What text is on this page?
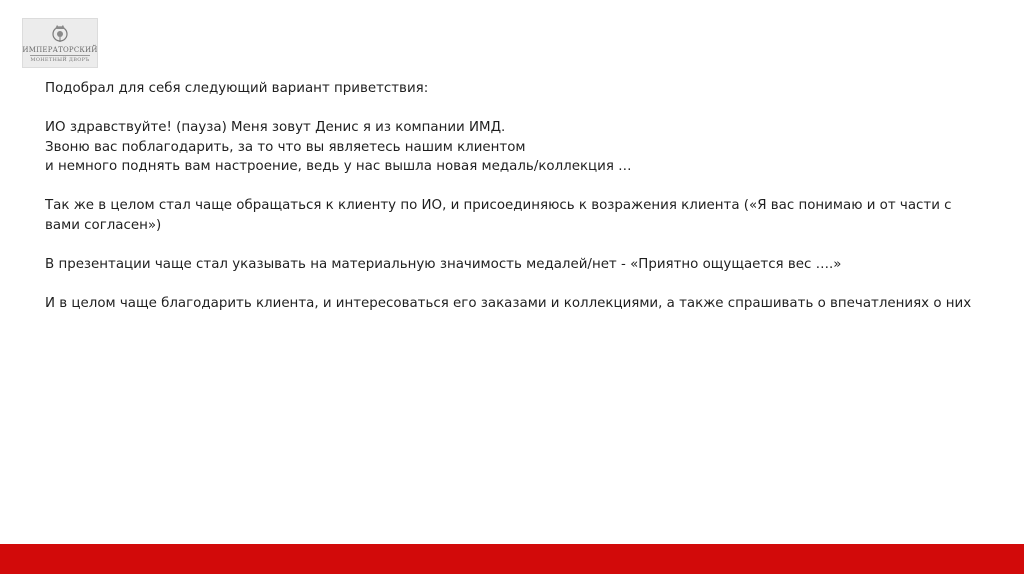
ИМПЕРАТОРСКИЙ
МОНЕТНЫЙ ДВОРЪ

Подобрал для себя следующий вариант приветствия:

ИО здравствуйте! (пауза) Меня зовут Денис я из компании ИМД.

Звоню вас поблагодарить, за то что вы являетесь нашим клиентом

и немного поднять вам настроение, ведь у нас вышла новая медаль/коллекция …

Так же в целом стал чаще обращаться к клиенту по ИО, и присоединяюсь к возражения клиента («Я вас понимаю и от части с вами согласен»)

В презентации чаще стал указывать на материальную значимость медалей/нет - «Приятно ощущается вес ….»

И в целом чаще благодарить клиента, и интересоваться его заказами и коллекциями, а также спрашивать о впечатлениях о них
